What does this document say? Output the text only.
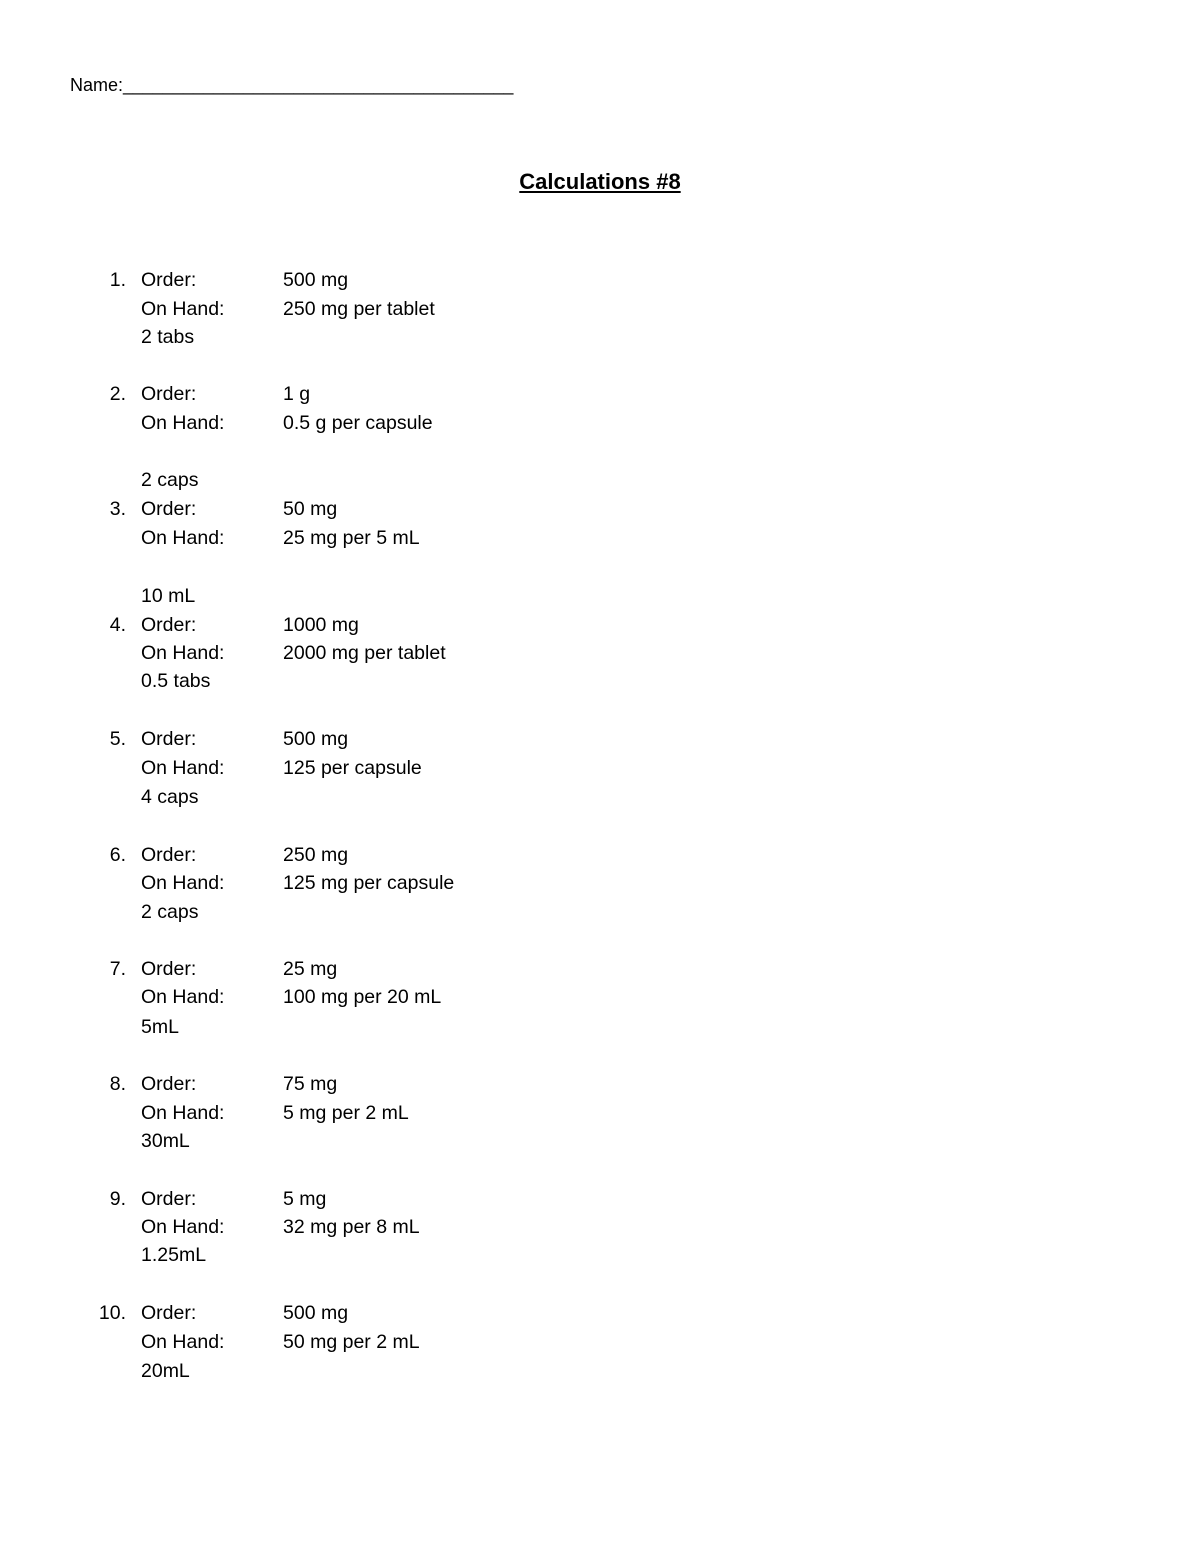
Name:_______________________________________
Calculations #8
1. Order:	500 mg
On Hand:	250 mg per tablet
2 tabs
2. Order:	1 g
On Hand:	0.5 g per capsule
2 caps
3. Order:	50 mg
On Hand:	25 mg per 5 mL
10 mL
4. Order:	1000 mg
On Hand:	2000 mg per tablet
0.5 tabs
5. Order:	500 mg
On Hand:	125 per capsule
4 caps
6. Order:	250 mg
On Hand:	125 mg per capsule
2 caps
7. Order:	25 mg
On Hand:	100 mg per 20 mL
5mL
8. Order:	75 mg
On Hand:	5 mg per 2 mL
30mL
9. Order:	5 mg
On Hand:	32 mg per 8 mL
1.25mL
10. Order:	500 mg
On Hand:	50 mg per 2 mL
20mL
